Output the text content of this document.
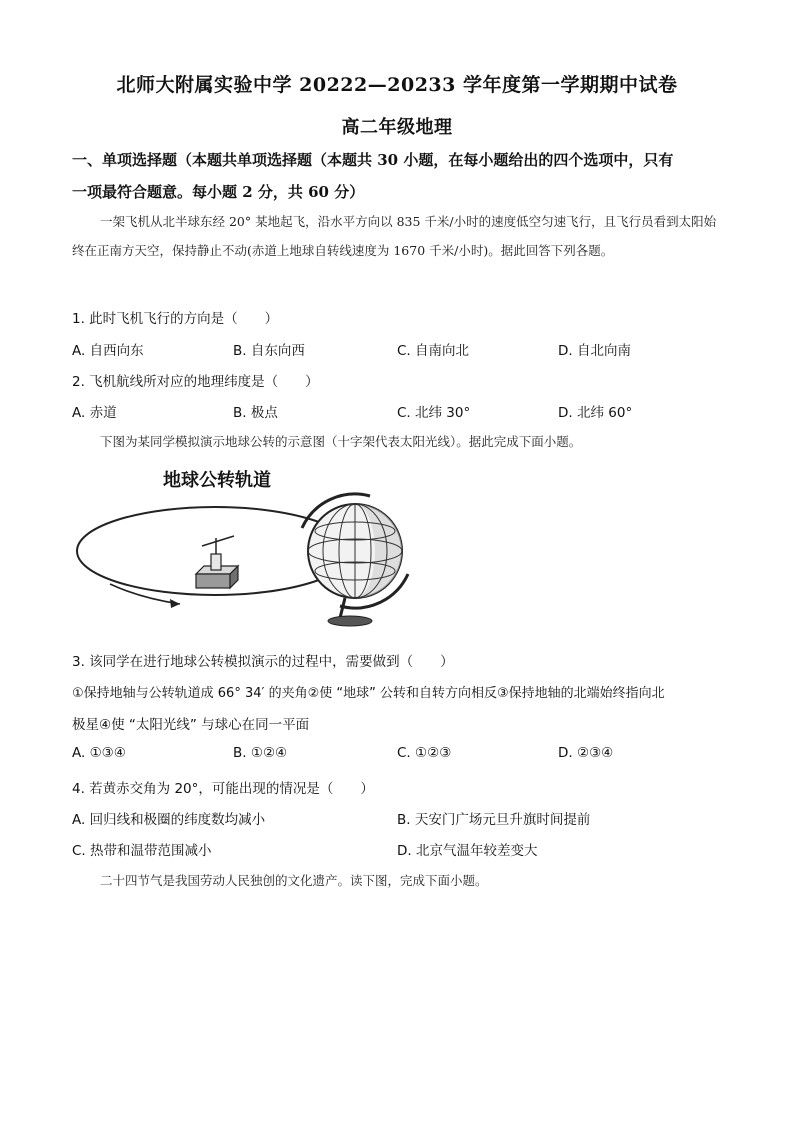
北师大附属实验中学 20222—20233 学年度第一学期期中试卷
高二年级地理
一、单项选择题（本题共单项选择题（本题共 30 小题，在每小题给出的四个选项中，只有
一项最符合题意。每小题 2 分，共 60 分）
一架飞机从北半球东经 20° 某地起飞，沿水平方向以 835 千米/小时的速度低空匀速飞行，且飞行员看到太阳始终在正南方天空，保持静止不动(赤道上地球自转线速度为 1670 千米/小时)。据此回答下列各题。
1. 此时飞机飞行的方向是（　　）
A. 自西向东	B. 自东向西	C. 自南向北	D. 自北向南
2. 飞机航线所对应的地理纬度是（　　）
A. 赤道	B. 极点	C. 北纬 30°	D. 北纬 60°
下图为某同学模拟演示地球公转的示意图（十字架代表太阳光线）。据此完成下面小题。
地球公转轨道
3. 该同学在进行地球公转模拟演示的过程中，需要做到（　　）
①保持地轴与公转轨道成 66° 34′ 的夹角②使 “地球” 公转和自转方向相反③保持地轴的北端始终指向北
极星④使 “太阳光线” 与球心在同一平面
A. ①③④	B. ①②④	C. ①②③	D. ②③④
4. 若黄赤交角为 20°，可能出现的情况是（　　）
A. 回归线和极圈的纬度数均减小	B. 天安门广场元旦升旗时间提前
C. 热带和温带范围减小	D. 北京气温年较差变大
二十四节气是我国劳动人民独创的文化遗产。读下图，完成下面小题。
